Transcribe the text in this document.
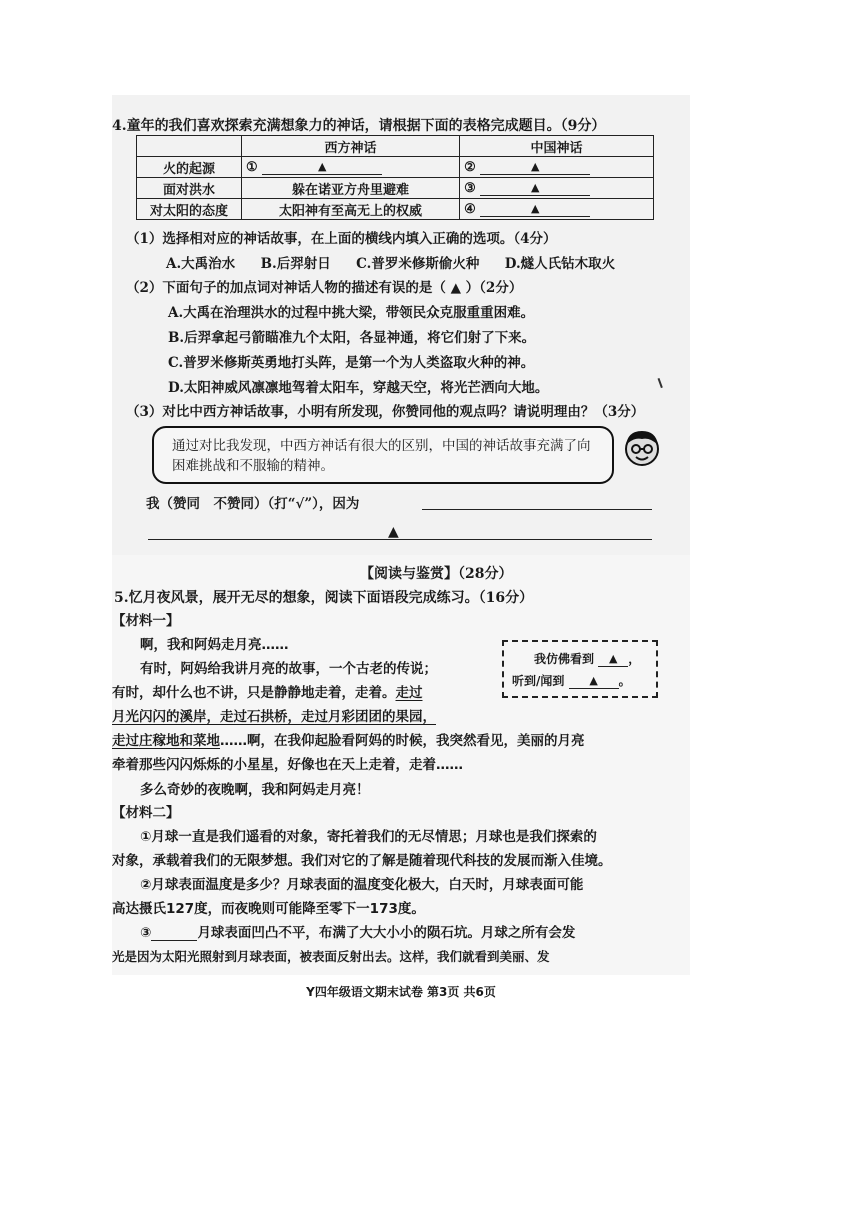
4.童年的我们喜欢探索充满想象力的神话，请根据下面的表格完成题目。（9分）
	西方神话	中国神话
火的起源	① ▲	② ▲
面对洪水	躲在诺亚方舟里避难	③ ▲
对太阳的态度	太阳神有至高无上的权威	④ ▲
（1）选择相对应的神话故事，在上面的横线内填入正确的选项。（4分）
A.大禹治水 B.后羿射日 C.普罗米修斯偷火种 D.燧人氏钻木取火
（2）下面句子的加点词对神话人物的描述有误的是（ ▲ ）（2分）
A.大禹在治理洪水的过程中挑大梁，带领民众克服重重困难。
B.后羿拿起弓箭瞄准九个太阳，各显神通，将它们射了下来。
C.普罗米修斯英勇地打头阵，是第一个为人类盗取火种的神。
D.太阳神威风凛凛地驾着太阳车，穿越天空，将光芒洒向大地。
（3）对比中西方神话故事，小明有所发现，你赞同他的观点吗？请说明理由？（3分）
通过对比我发现，中西方神话有很大的区别，中国的神话故事充满了向困难挑战和不服输的精神。
我（赞同　不赞同）（打“√”），因为
▲
【阅读与鉴赏】（28分）
5.忆月夜风景，展开无尽的想象，阅读下面语段完成练习。（16分）
【材料一】
啊，我和阿妈走月亮……
有时，阿妈给我讲月亮的故事，一个古老的传说；
有时，却什么也不讲，只是静静地走着，走着。走过
月光闪闪的溪岸，走过石拱桥，走过月彩团团的果园，
走过庄稼地和菜地……啊，在我仰起脸看阿妈的时候，我突然看见，美丽的月亮
牵着那些闪闪烁烁的小星星，好像也在天上走着，走着……
多么奇妙的夜晚啊，我和阿妈走月亮！
我仿佛看到 ▲ ，
听到/闻到 ▲ 。
【材料二】
①月球一直是我们遥看的对象，寄托着我们的无尽情思；月球也是我们探索的
对象，承载着我们的无限梦想。我们对它的了解是随着现代科技的发展而渐入佳境。
②月球表面温度是多少？月球表面的温度变化极大，白天时，月球表面可能
高达摄氏127度，而夜晚则可能降至零下一173度。
③	月球表面凹凸不平，布满了大大小小的陨石坑。月球之所有会发
光是因为太阳光照射到月球表面，被表面反射出去。这样，我们就看到美丽、发
Y四年级语文期末试卷 第3页 共6页
